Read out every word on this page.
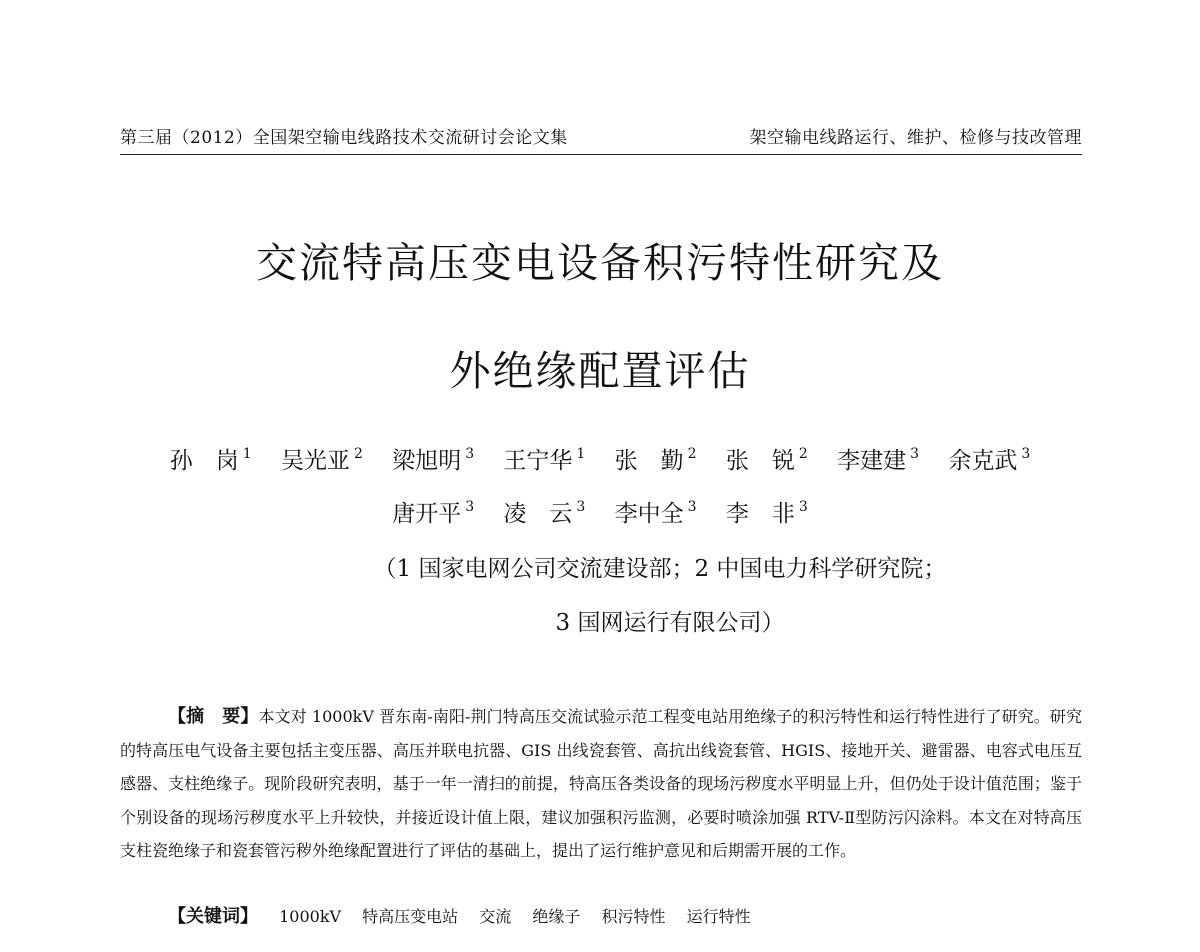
第三届（2012）全国架空输电线路技术交流研讨会论文集	架空输电线路运行、维护、检修与技改管理
交流特高压变电设备积污特性研究及
外绝缘配置评估
孙　岗 $^1$ 吴光亚 $^2$ 梁旭明 $^3$ 王宁华 $^1$ 张　勤 $^2$ 张　锐 $^2$ 李建建 $^3$ 余克武 $^3$
唐开平 $^3$ 凌　云 $^3$ 李中全 $^3$ 李　非 $^3$
（1 国家电网公司交流建设部；2 中国电力科学研究院；
3 国网运行有限公司）
【摘　要】本文对 1000kV 晋东南-南阳-荆门特高压交流试验示范工程变电站用绝缘子的积污特性和运行特性进行了研究。研究的特高压电气设备主要包括主变压器、高压并联电抗器、GIS 出线瓷套管、高抗出线瓷套管、HGIS、接地开关、避雷器、电容式电压互感器、支柱绝缘子。现阶段研究表明，基于一年一清扫的前提，特高压各类设备的现场污秽度水平明显上升，但仍处于设计值范围；鉴于个别设备的现场污秽度水平上升较快，并接近设计值上限，建议加强积污监测，必要时喷涂加强 RTV-Ⅱ型防污闪涂料。本文在对特高压支柱瓷绝缘子和瓷套管污秽外绝缘配置进行了评估的基础上，提出了运行维护意见和后期需开展的工作。
【关键词】 1000kV 特高压变电站 交流 绝缘子 积污特性 运行特性
